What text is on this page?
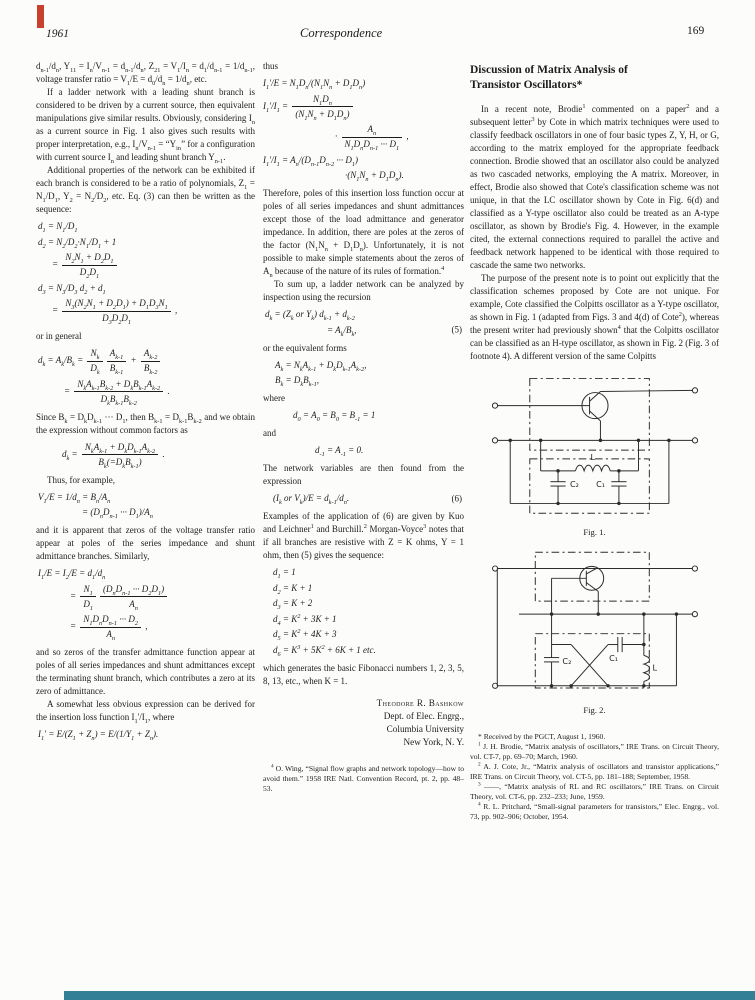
1961	Correspondence	169
$d_{n-1}/d_n$, $Y_{11} = I_n/V_{n-1} = d_{n-1}/d_n$, $Z_{21} = V_1/I_n = d_1/d_{n-1} = 1/d_{n-1}$, voltage transfer ratio = $V_1/E = d_0/d_n = 1/d_n$, etc.
If a ladder network with a leading shunt branch is considered to be driven by a current source, then equivalent manipulations give similar results. Obviously, considering $I_n$ as a current source in Fig. 1 also gives such results with proper interpretation, e.g., $I_n/V_{n-1}$ = “$Y_{in}$” for a configuration with current source $I_n$ and leading shunt branch $Y_{n-1}$.
Additional properties of the network can be exhibited if each branch is considered to be a ratio of polynomials, $Z_1 = N_1/D_1$, $Y_2 = N_2/D_2$, etc. Eq. (3) can then be written as the sequence:
$d_1 = N_1/D_1$
$d_2 = N_2/D_2\cdot N_1/D_1 + 1$
= $\frac{N_2N_1 + D_2D_1}{D_2D_1}$
$d_3 = N_3/D_3$ $d_2 + d_1$
= $\frac{N_3(N_2N_1 + D_2D_1) + D_1D_3N_1}{D_3D_2D_1}$ ,
or in general
$d_k = A_k/B_k = \frac{N_k}{D_k} \frac{A_{k-1}}{B_{k-1}} + \frac{A_{k-2}}{B_{k-2}}$
= $\frac{N_kA_{k-1}B_{k-2} + D_kB_{k-1}A_{k-2}}{D_kB_{k-1}B_{k-2}}$ .
Since $B_k = D_kD_{k-1}$ ··· $D_1$, then $B_{k-1} = D_{k-1}B_{k-2}$ and we obtain the expression without common factors as
$d_k = \frac{N_kA_{k-1} + D_kD_{k-1}A_{k-2}}{B_k(=D_kB_{k-1})}$ .
Thus, for example,
$V_1/E = 1/d_n = B_n/A_n$
= ($D_nD_{n-1}$ ··· $D_1)/A_n$
and it is apparent that zeros of the voltage transfer ratio appear at poles of the series impedance and shunt admittance branches. Similarly,
$I_1/E = I_2/E = d_1/d_n$
= $\frac{N_1}{D_1} \frac{(D_nD_{n-1} \cdot\cdot\cdot D_2D_1)}{A_n}$
= $\frac{N_1D_nD_{n-1} \cdot\cdot\cdot D_2}{A_n}$ ,
and so zeros of the transfer admittance function appear at poles of all series impedances and shunt admittances except the terminating shunt branch, which contributes a zero at its zero of admittance.
A somewhat less obvious expression can be derived for the insertion loss function $I_1'/I_1$, where
$I_1' = E/(Z_1 + Z_n) = E/(1/Y_1 + Z_n)$.
thus
$I_1'/E = N_1D_n/(N_1N_n + D_1D_n)$
$I_1'/I_1 = \frac{N_1D_n}{(N_1N_n + D_1D_n)}$
· $\frac{A_n}{N_1D_nD_{n-1} \cdot\cdot\cdot D_1}$ ,
$I_1'/I_1 = A_n/(D_{n-1}D_{n-2}$ ··· $D_1$)
$\cdot(N_1N_n + D_1D_n)$.
Therefore, poles of this insertion loss function occur at poles of all series impedances and shunt admittances except those of the load admittance and generator impedance. In addition, there are poles at the zeros of the factor $(N_1N_n + D_1D_n)$. Unfortunately, it is not possible to make simple statements about the zeros of $A_n$ because of the nature of its rules of formation.$^4$
To sum up, a ladder network can be analyzed by inspection using the recursion
$d_k = (Z_k$ or $Y_k$) $d_{k-1} + d_{k-2}$
= $A_k/B_k$,	(5)
or the equivalent forms
$A_k = N_kA_{k-1} + D_kD_{k-1}A_{k-2}$,
$B_k = D_kB_{k-1}$,
where
$d_0 = A_0 = B_0 = B_{-1} = 1$
and
$d_{-1} = A_{-1} = 0$.
The network variables are then found from the expression
($I_k$ or $V_k)/E = d_{k-1}/d_n$.	(6)
Examples of the application of (6) are given by Kuo and Leichner$^1$ and Burchill.$^2$ Morgan-Voyce$^3$ notes that if all branches are resistive with Z = K ohms, Y = 1 ohm, then (5) gives the sequence:
$d_1 = 1$
$d_2 = K + 1$
$d_3 = K + 2$
$d_4 = K^2 + 3K + 1$
$d_5 = K^2 + 4K + 3$
$d_6 = K^3 + 5K^2 + 6K + 1$ etc.
which generates the basic Fibonacci numbers 1, 2, 3, 5, 8, 13, etc., when K = 1.
Theodore R. Bashkow
Dept. of Elec. Engrg.,
Columbia University
New York, N. Y.
$^4$ O. Wing, “Signal flow graphs and network topology—how to avoid them.” 1958 IRE Natl. Convention Record, pt. 2, pp. 48–53.
Discussion of Matrix Analysis of
Transistor Oscillators*
In a recent note, Brodie$^1$ commented on a paper$^2$ and a subsequent letter$^3$ by Cote in which matrix techniques were used to classify feedback oscillators in one of four basic types Z, Y, H, or G, according to the matrix employed for the appropriate feedback connection. Brodie showed that an oscillator also could be analyzed as two cascaded networks, employing the A matrix. Moreover, in effect, Brodie also showed that Cote's classification scheme was not unique, in that the LC oscillator shown by Cote in Fig. 6(d) and classified as a Y-type oscillator also could be treated as an A-type oscillator, as shown by Brodie's Fig. 4. However, in the example cited, the external connections required to parallel the active and feedback network happened to be identical with those required to cascade the same two networks.
The purpose of the present note is to point out explicitly that the classification schemes proposed by Cote are not unique. For example, Cote classified the Colpitts oscillator as a Y-type oscillator, as shown in Fig. 1 (adapted from Figs. 3 and 4(d) of Cote$^2$), whereas the present writer had previously shown$^4$ that the Colpitts oscillator can be classified as an H-type oscillator, as shown in Fig. 2 (Fig. 3 of footnote 4). A different version of the same Colpitts
L
C₂ C₁
Fig. 1.
C₂	C₁
L
Fig. 2.
* Received by the PGCT, August 1, 1960.
$^1$ J. H. Brodie, “Matrix analysis of oscillators,” IRE Trans. on Circuit Theory, vol. CT-7, pp. 69–70; March, 1960.
$^2$ A. J. Cote, Jr., “Matrix analysis of oscillators and transistor applications,” IRE Trans. on Circuit Theory, vol. CT-5, pp. 181–188; September, 1958.
$^3$ ——, “Matrix analysis of RL and RC oscillators,” IRE Trans. on Circuit Theory, vol. CT-6, pp. 232–233; June, 1959.
$^4$ R. L. Pritchard, “Small-signal parameters for transistors,” Elec. Engrg., vol. 73, pp. 902–906; October, 1954.
